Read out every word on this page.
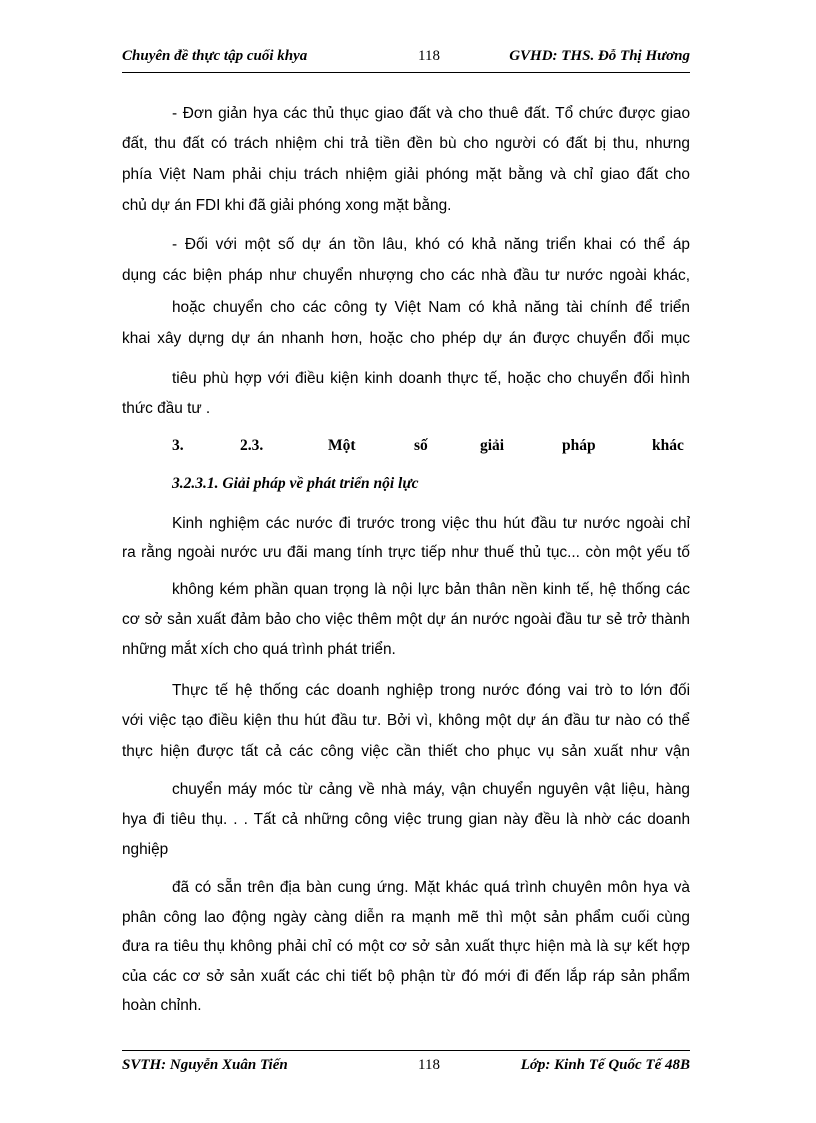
Chuyên đề thực tập cuối khya	118	GVHD: THS. Đỗ Thị Hương
- Đơn giản hya các thủ thục giao đất và cho thuê đất. Tổ chức được giao
đất, thu đất có trách nhiệm chi trả tiền đền bù cho người có đất bị thu, nhưng
phía Việt Nam phải chịu trách nhiệm giải phóng mặt bằng và chỉ giao đất cho
chủ dự án FDI khi đã giải phóng xong mặt bằng.
- Đối với một số dự án tồn lâu, khó có khả năng triển khai có thể áp
dụng các biện pháp như chuyển nhượng cho các nhà đầu tư nước ngoài khác,
hoặc chuyển cho các công ty Việt Nam có khả năng tài chính để triển
khai xây dựng dự án nhanh hơn, hoặc cho phép dự án được chuyển đổi mục
tiêu phù hợp với điều kiện kinh doanh thực tế, hoặc cho chuyển đổi hình
thức đầu tư .
3.	2.3.	Một	số	giải	pháp	khác
3.2.3.1. Giải pháp về phát triển nội lực
Kinh nghiệm các nước đi trước trong việc thu hút đầu tư nước ngoài chỉ
ra rằng ngoài nước ưu đãi mang tính trực tiếp như thuế thủ tục... còn một yếu tố
không kém phần quan trọng là nội lực bản thân nền kinh tế, hệ thống các
cơ sở sản xuất đảm bảo cho việc thêm một dự án nước ngoài đầu tư sẻ trở thành
những mắt xích cho quá trình phát triển.
Thực tế hệ thống các doanh nghiệp trong nước đóng vai trò to lớn đối
với việc tạo điều kiện thu hút đầu tư. Bởi vì, không một dự án đầu tư nào có thể
thực hiện được tất cả các công việc cần thiết cho phục vụ sản xuất như vận
chuyển máy móc từ cảng về nhà máy, vận chuyển nguyên vật liệu, hàng
hya đi tiêu thụ. . . Tất cả những công việc trung gian này đều là nhờ các doanh
nghiệp
đã có sẵn trên địa bàn cung ứng. Mặt khác quá trình chuyên môn hya và
phân công lao động ngày càng diễn ra mạnh mẽ thì một sản phẩm cuối cùng
đưa ra tiêu thụ không phải chỉ có một cơ sở sản xuất thực hiện mà là sự kết hợp
của các cơ sở sản xuất các chi tiết bộ phận từ đó mới đi đến lắp ráp sản phẩm
hoàn chỉnh.
SVTH: Nguyễn Xuân Tiến	118	Lớp: Kinh Tế Quốc Tế 48B
